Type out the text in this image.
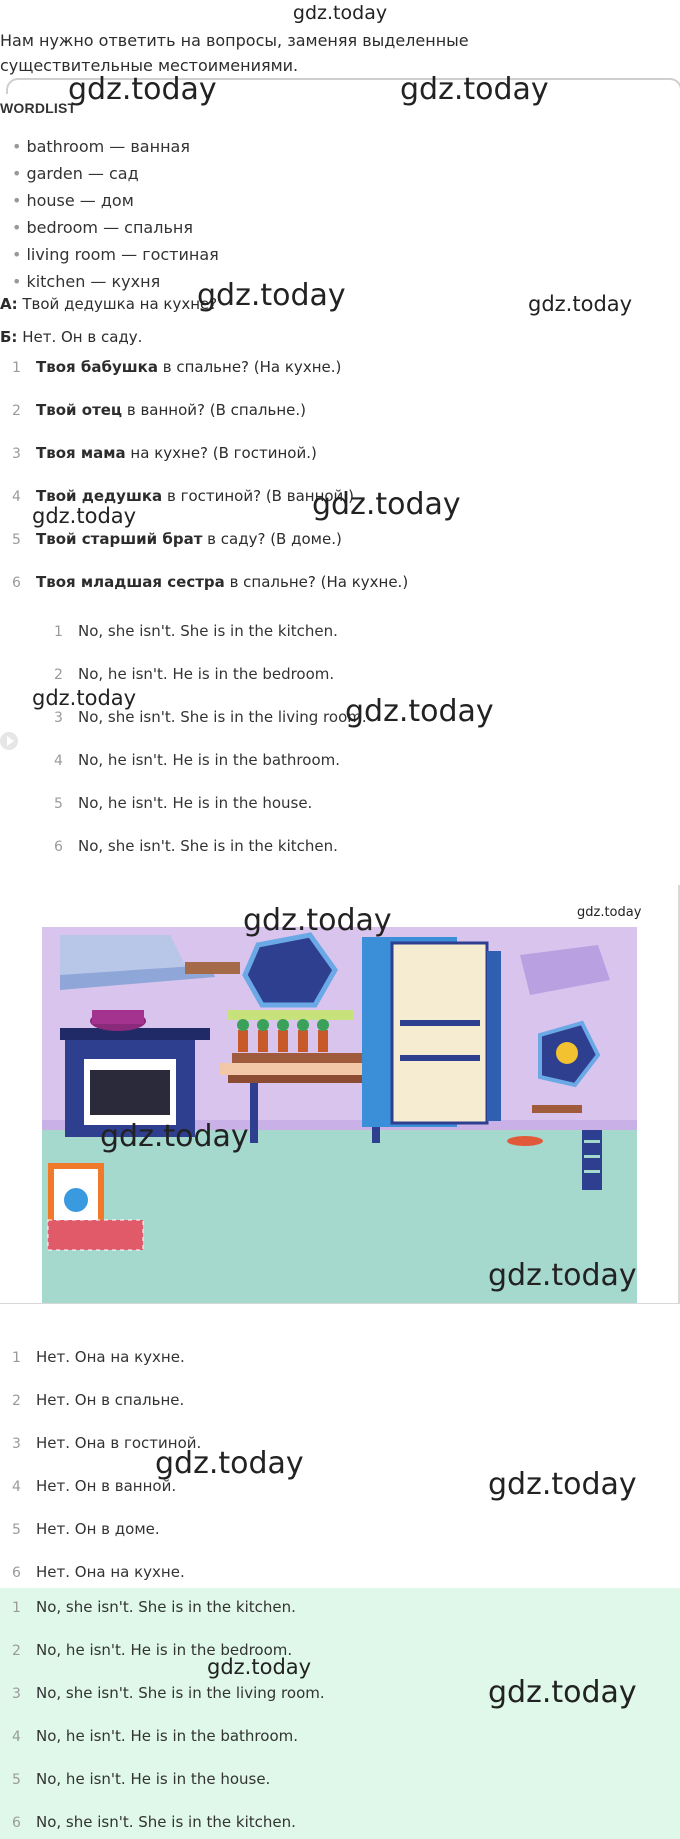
gdz.today
Нам нужно ответить на вопросы, заменяя выделенные существительные местоимениями.
WORDLIST
• bathroom — ванная
• garden — сад
• house — дом
• bedroom — спальня
• living room — гостиная
• kitchen — кухня
А: Твой дедушка на кухне?
Б: Нет. Он в саду.
1 Твоя бабушка в спальне? (На кухне.)
2 Твой отец в ванной? (В спальне.)
3 Твоя мама на кухне? (В гостиной.)
4 Твой дедушка в гостиной? (В ванной.)
5 Твой старший брат в саду? (В доме.)
6 Твоя младшая сестра в спальне? (На кухне.)
1 No, she isn't. She is in the kitchen.
2 No, he isn't. He is in the bedroom.
3 No, she isn't. She is in the living room.
4 No, he isn't. He is in the bathroom.
5 No, he isn't. He is in the house.
6 No, she isn't. She is in the kitchen.
1 Нет. Она на кухне.
2 Нет. Он в спальне.
3 Нет. Она в гостиной.
4 Нет. Он в ванной.
5 Нет. Он в доме.
6 Нет. Она на кухне.
1 No, she isn't. She is in the kitchen.
2 No, he isn't. He is in the bedroom.
3 No, she isn't. She is in the living room.
4 No, he isn't. He is in the bathroom.
5 No, he isn't. He is in the house.
6 No, she isn't. She is in the kitchen.
gdz.today	gdz.today
gdz.today	gdz.today
gdz.today
gdz.today
gdz.today	gdz.today
gdz.today	gdz.today
gdz.today
gdz.today
gdz.today
gdz.today
gdz.today
gdz.today
